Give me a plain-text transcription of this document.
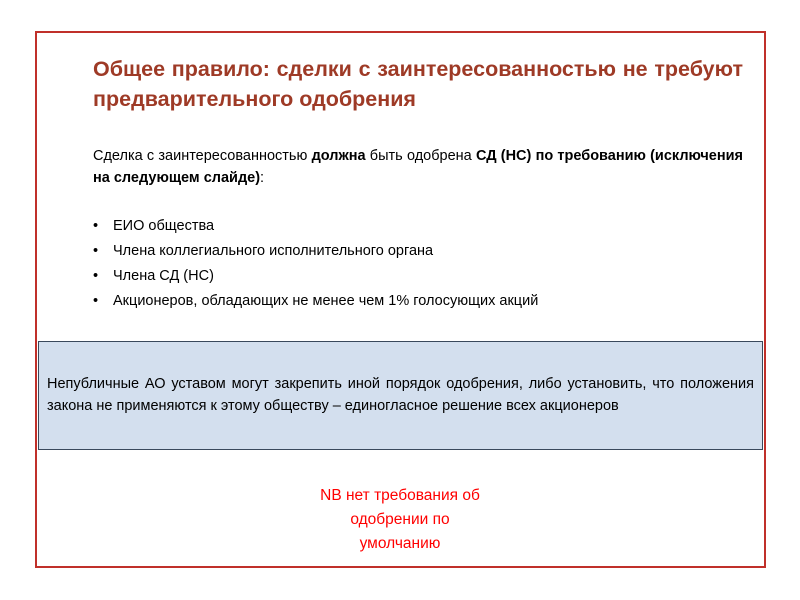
Общее правило: сделки с заинтересованностью не требуют предварительного одобрения

Сделка с заинтересованностью должна быть одобрена СД (НС) по требованию (исключения на следующем слайде):

• ЕИО общества
• Члена коллегиального исполнительного органа
• Члена СД (НС)
• Акционеров, обладающих не менее чем 1% голосующих акций

Непубличные АО уставом могут закрепить иной порядок одобрения, либо установить, что положения закона не применяются к этому обществу – единогласное решение всех акционеров

NB нет требования об
одобрении по
умолчанию
